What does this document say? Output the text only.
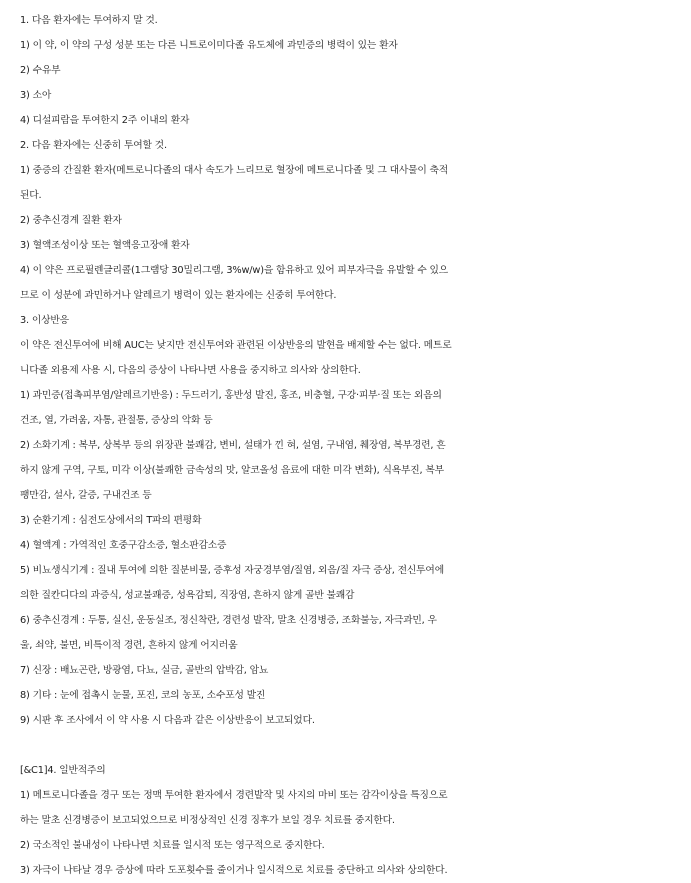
1. 다음 환자에는 투여하지 말 것.
1) 이 약, 이 약의 구성 성분 또는 다른 니트로이미다졸 유도체에 과민증의 병력이 있는 환자
2) 수유부
3) 소아
4) 디설피람을 투여한지 2주 이내의 환자
2. 다음 환자에는 신중히 투여할 것.
1) 중증의 간질환 환자(메트로니다졸의 대사 속도가 느리므로 혈장에 메트로니다졸 및 그 대사물이 축적
된다.
2) 중추신경계 질환 환자
3) 혈액조성이상 또는 혈액응고장애 환자
4) 이 약은 프로필렌글리콜(1그램당 30밀리그램, 3%w/w)을 함유하고 있어 피부자극을 유발할 수 있으
므로 이 성분에 과민하거나 알레르기 병력이 있는 환자에는 신중히 투여한다.
3. 이상반응
이 약은 전신투여에 비해 AUC는 낮지만 전신투여와 관련된 이상반응의 발현을 배제할 수는 없다. 메트로
니다졸 외용제 사용 시, 다음의 증상이 나타나면 사용을 중지하고 의사와 상의한다.
1) 과민증(접촉피부염/알레르기반응) : 두드러기, 홍반성 발진, 홍조, 비충혈, 구강·피부·질 또는 외음의
건조, 열, 가려움, 자통, 관절통, 증상의 악화 등
2) 소화기계 : 복부, 상복부 등의 위장관 불쾌감, 변비, 설태가 낀 혀, 설염, 구내염, 췌장염, 복부경련, 흔
하지 않게 구역, 구토, 미각 이상(불쾌한 금속성의 맛, 알코올성 음료에 대한 미각 변화), 식욕부진, 복부
팽만감, 설사, 갈증, 구내건조 등
3) 순환기계 : 심전도상에서의 T파의 편평화
4) 혈액계 : 가역적인 호중구감소증, 혈소판감소증
5) 비뇨생식기계 : 질내 투여에 의한 질분비물, 증후성 자궁경부염/질염, 외음/질 자극 증상, 전신투여에
의한 질칸디다의 과증식, 성교불쾌증, 성욕감퇴, 직장염, 흔하지 않게 골반 불쾌감
6) 중추신경계 : 두통, 실신, 운동실조, 정신착란, 경련성 발작, 말초 신경병증, 조화불능, 자극과민, 우
울, 쇠약, 불면, 비특이적 경련, 흔하지 않게 어지러움
7) 신장 : 배뇨곤란, 방광염, 다뇨, 실금, 골반의 압박감, 암뇨
8) 기타 : 눈에 접촉시 눈물, 포진, 코의 농포, 소수포성 발진
9) 시판 후 조사에서 이 약 사용 시 다음과 같은 이상반응이 보고되었다.
[&C1]4. 일반적주의
1) 메트로니다졸을 경구 또는 정맥 투여한 환자에서 경련발작 및 사지의 마비 또는 감각이상을 특징으로
하는 말초 신경병증이 보고되었으므로 비정상적인 신경 징후가 보일 경우 치료를 중지한다.
2) 국소적인 불내성이 나타나면 치료를 일시적 또는 영구적으로 중지한다.
3) 자극이 나타날 경우 증상에 따라 도포횟수를 줄이거나 일시적으로 치료를 중단하고 의사와 상의한다.
